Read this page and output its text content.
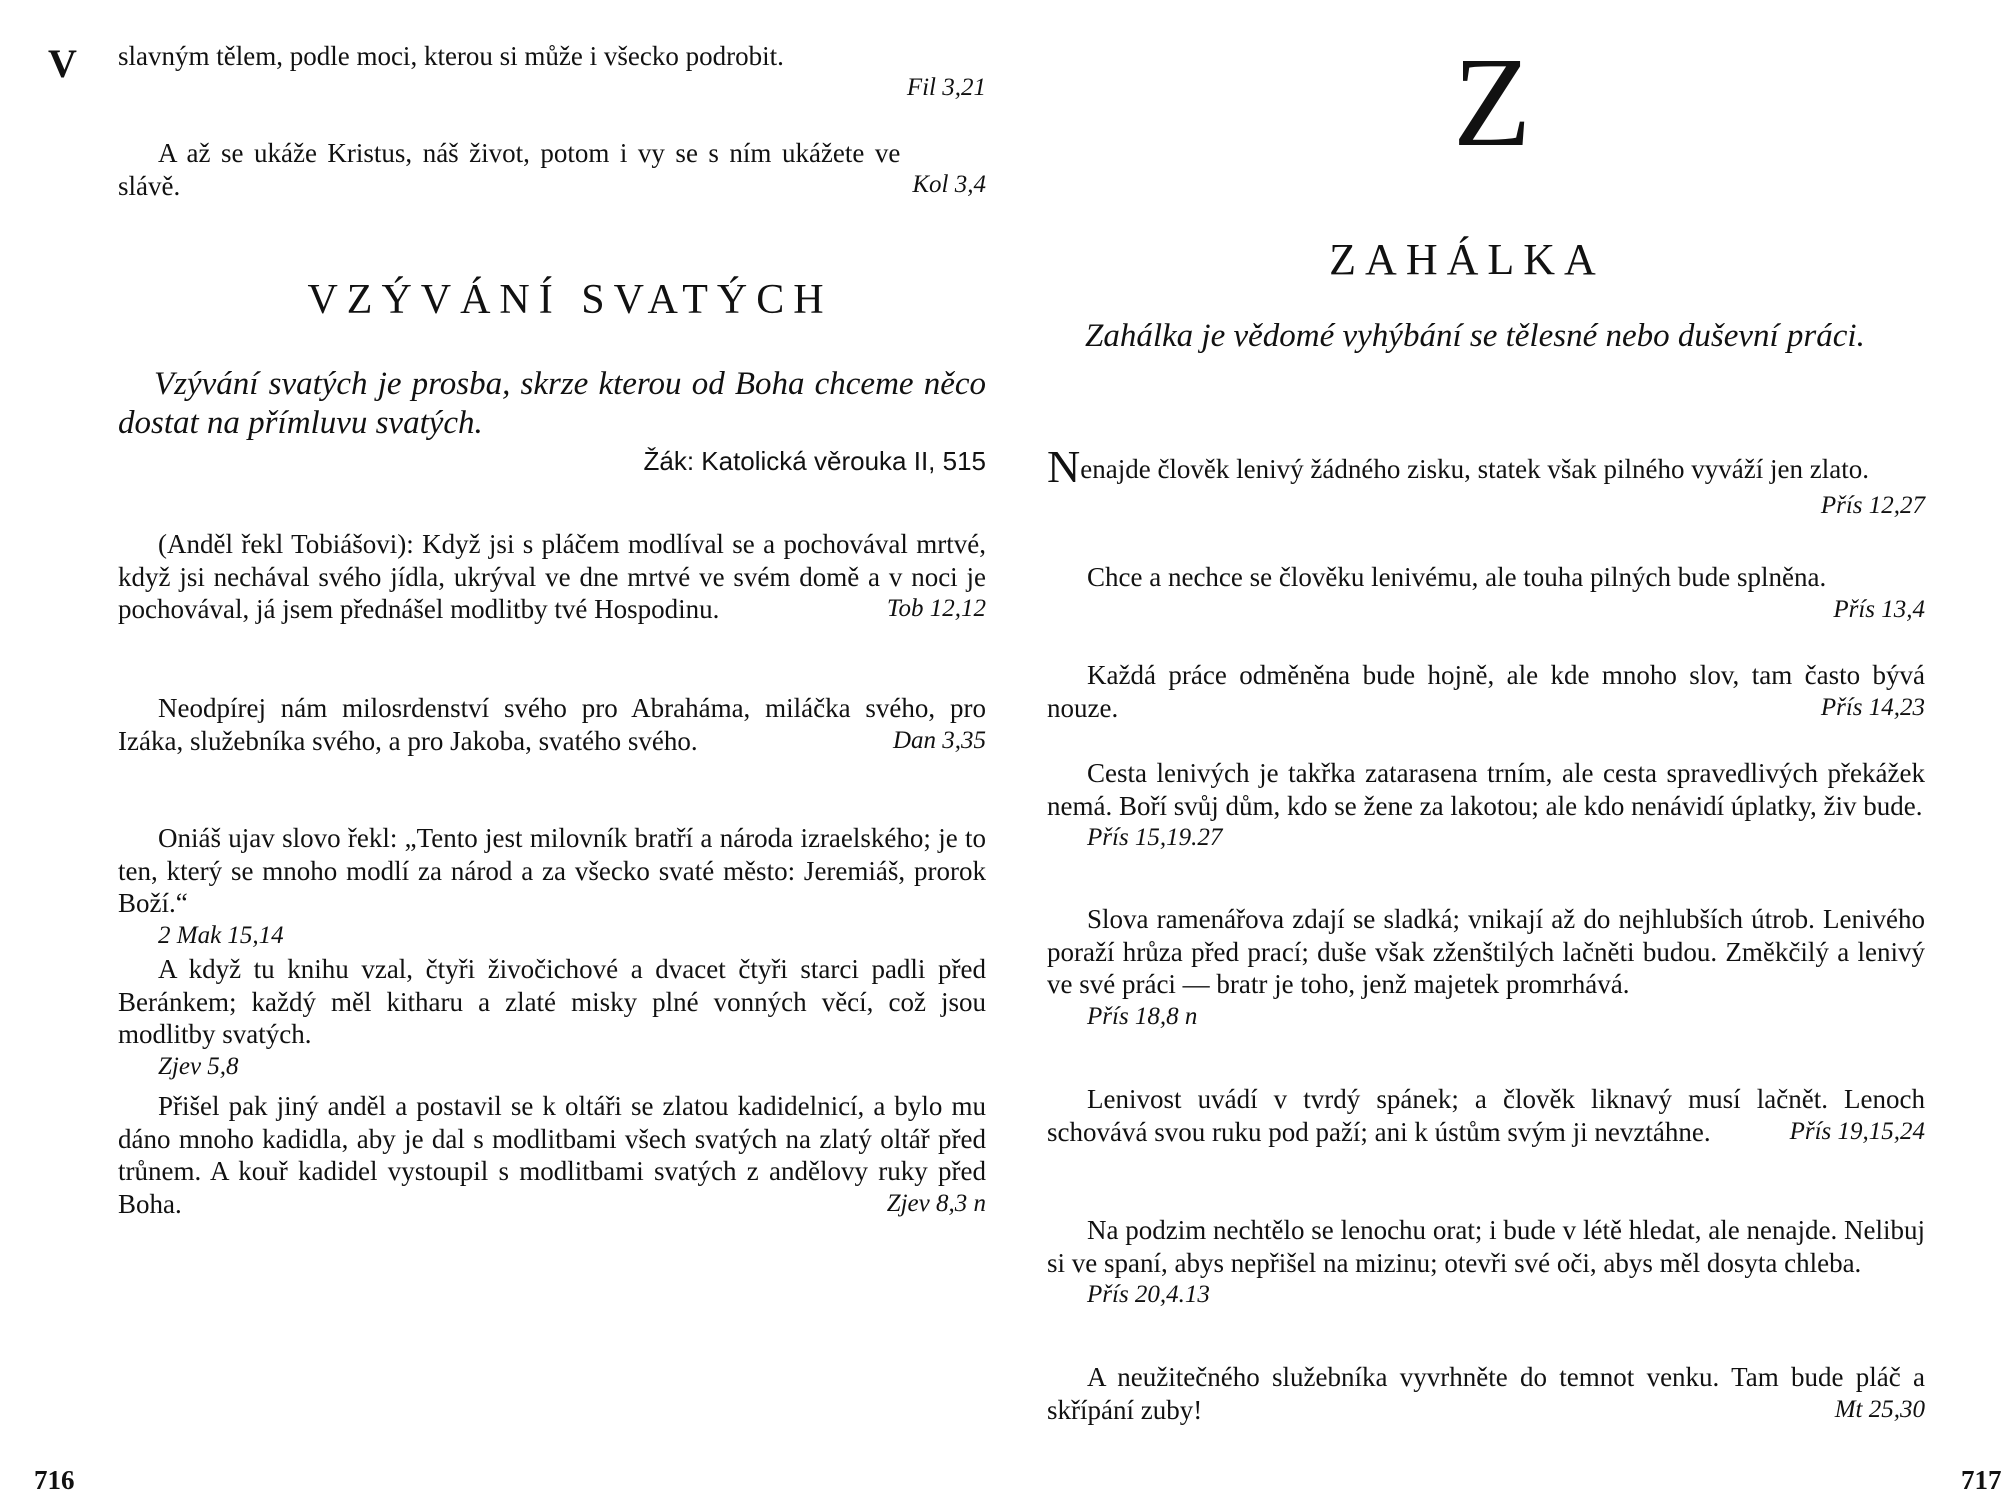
V
Fil 3,21
slavným tělem, podle moci, kterou si může i všecko podrobit.
Kol 3,4
A až se ukáže Kristus, náš život, potom i vy se s ním ukážete ve slávě.
VZÝVÁNÍ SVATÝCH
Vzývání svatých je prosba, skrze kterou od Boha chceme něco dostat na přímluvu svatých.
Žák: Katolická věrouka II, 515
(Anděl řekl Tobiášovi): Když jsi s pláčem modlíval se a pochovával mrtvé, když jsi nechával svého jídla, ukrýval ve dne mrtvé ve svém domě a v noci je pochovával, já jsem přednášel modlitby tvé Hospodinu.	Tob 12,12
Neodpírej nám milosrdenství svého pro Abraháma, miláčka svého, pro Izáka, služebníka svého, a pro Jakoba, svatého svého.	Dan 3,35
Oniáš ujav slovo řekl: „Tento jest milovník bratří a národa izraelského; je to ten, který se mnoho modlí za národ a za všecko svaté město: Jeremiáš, prorok Boží.“
2 Mak 15,14
A když tu knihu vzal, čtyři živočichové a dvacet čtyři starci padli před Beránkem; každý měl kitharu a zlaté misky plné vonných věcí, což jsou modlitby svatých.
Zjev 5,8
Přišel pak jiný anděl a postavil se k oltáři se zlatou kadidelnicí, a bylo mu dáno mnoho kadidla, aby je dal s modlitbami všech svatých na zlatý oltář před trůnem. A kouř kadidel vystoupil s modlitbami svatých z andělovy ruky před Boha.	Zjev 8,3 n
716
Z
ZAHÁLKA
Zahálka je vědomé vyhýbání se tělesné nebo duševní práci.
Nenajde člověk lenivý žádného zisku, statek však pilného vyváží jen zlato.
Přís 12,27
Chce a nechce se člověku lenivému, ale touha pilných bude splněna.
Přís 13,4
Každá práce odměněna bude hojně, ale kde mnoho slov, tam často bývá nouze.	Přís 14,23
Cesta lenivých je takřka zatarasena trním, ale cesta spravedlivých překážek nemá. Boří svůj dům, kdo se žene za lakotou; ale kdo nenávidí úplatky, živ bude.
Přís 15,19.27
Slova ramenářova zdají se sladká; vnikají až do nejhlubších útrob. Lenivého poraží hrůza před prací; duše však zženštilých lačněti budou. Změkčilý a lenivý ve své práci — bratr je toho, jenž majetek promrhává.
Přís 18,8 n
Lenivost uvádí v tvrdý spánek; a člověk liknavý musí lačnět. Lenoch schovává svou ruku pod paží; ani k ústům svým ji nevztáhne.	Přís 19,15,24
Na podzim nechtělo se lenochu orat; i bude v létě hledat, ale nenajde. Nelibuj si ve spaní, abys nepřišel na mizinu; otevři své oči, abys měl dosyta chleba.
Přís 20,4.13
A neužitečného služebníka vyvrhněte do temnot venku. Tam bude pláč a skřípání zuby!	Mt 25,30
717
